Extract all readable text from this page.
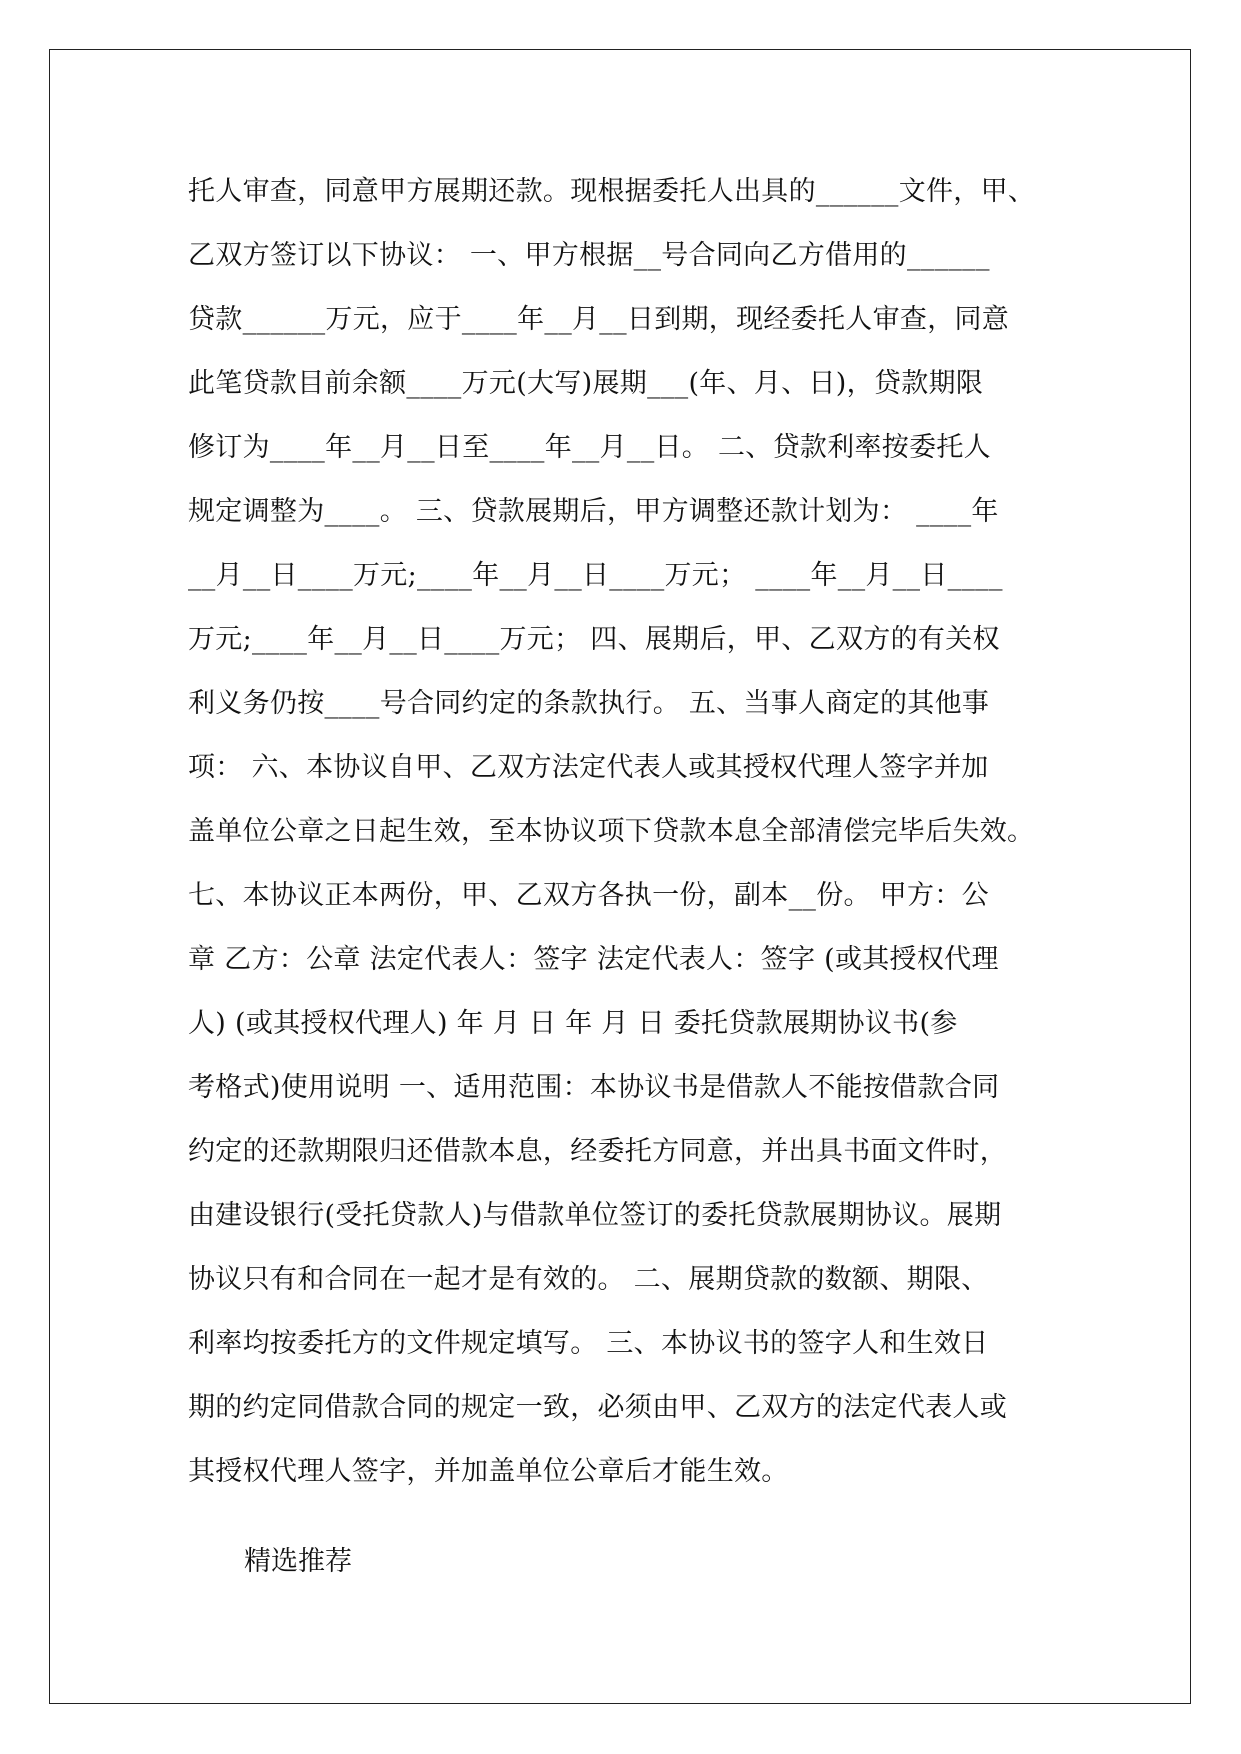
托人审查，同意甲方展期还款。现根据委托人出具的______文件，甲、
乙双方签订以下协议： 一、甲方根据__号合同向乙方借用的______
贷款______万元，应于____年__月__日到期，现经委托人审查，同意
此笔贷款目前余额____万元(大写)展期___(年、月、日)，贷款期限
修订为____年__月__日至____年__月__日。 二、贷款利率按委托人
规定调整为____。 三、贷款展期后，甲方调整还款计划为： ____年
__月__日____万元;____年__月__日____万元； ____年__月__日____
万元;____年__月__日____万元； 四、展期后，甲、乙双方的有关权
利义务仍按____号合同约定的条款执行。 五、当事人商定的其他事
项： 六、本协议自甲、乙双方法定代表人或其授权代理人签字并加
盖单位公章之日起生效，至本协议项下贷款本息全部清偿完毕后失效。
七、本协议正本两份，甲、乙双方各执一份，副本__份。 甲方：公
章 乙方：公章 法定代表人：签字 法定代表人：签字 (或其授权代理
人) (或其授权代理人) 年 月 日 年 月 日 委托贷款展期协议书(参
考格式)使用说明 一、适用范围：本协议书是借款人不能按借款合同
约定的还款期限归还借款本息，经委托方同意，并出具书面文件时，
由建设银行(受托贷款人)与借款单位签订的委托贷款展期协议。展期
协议只有和合同在一起才是有效的。 二、展期贷款的数额、期限、
利率均按委托方的文件规定填写。 三、本协议书的签字人和生效日
期的约定同借款合同的规定一致，必须由甲、乙双方的法定代表人或
其授权代理人签字，并加盖单位公章后才能生效。
精选推荐
